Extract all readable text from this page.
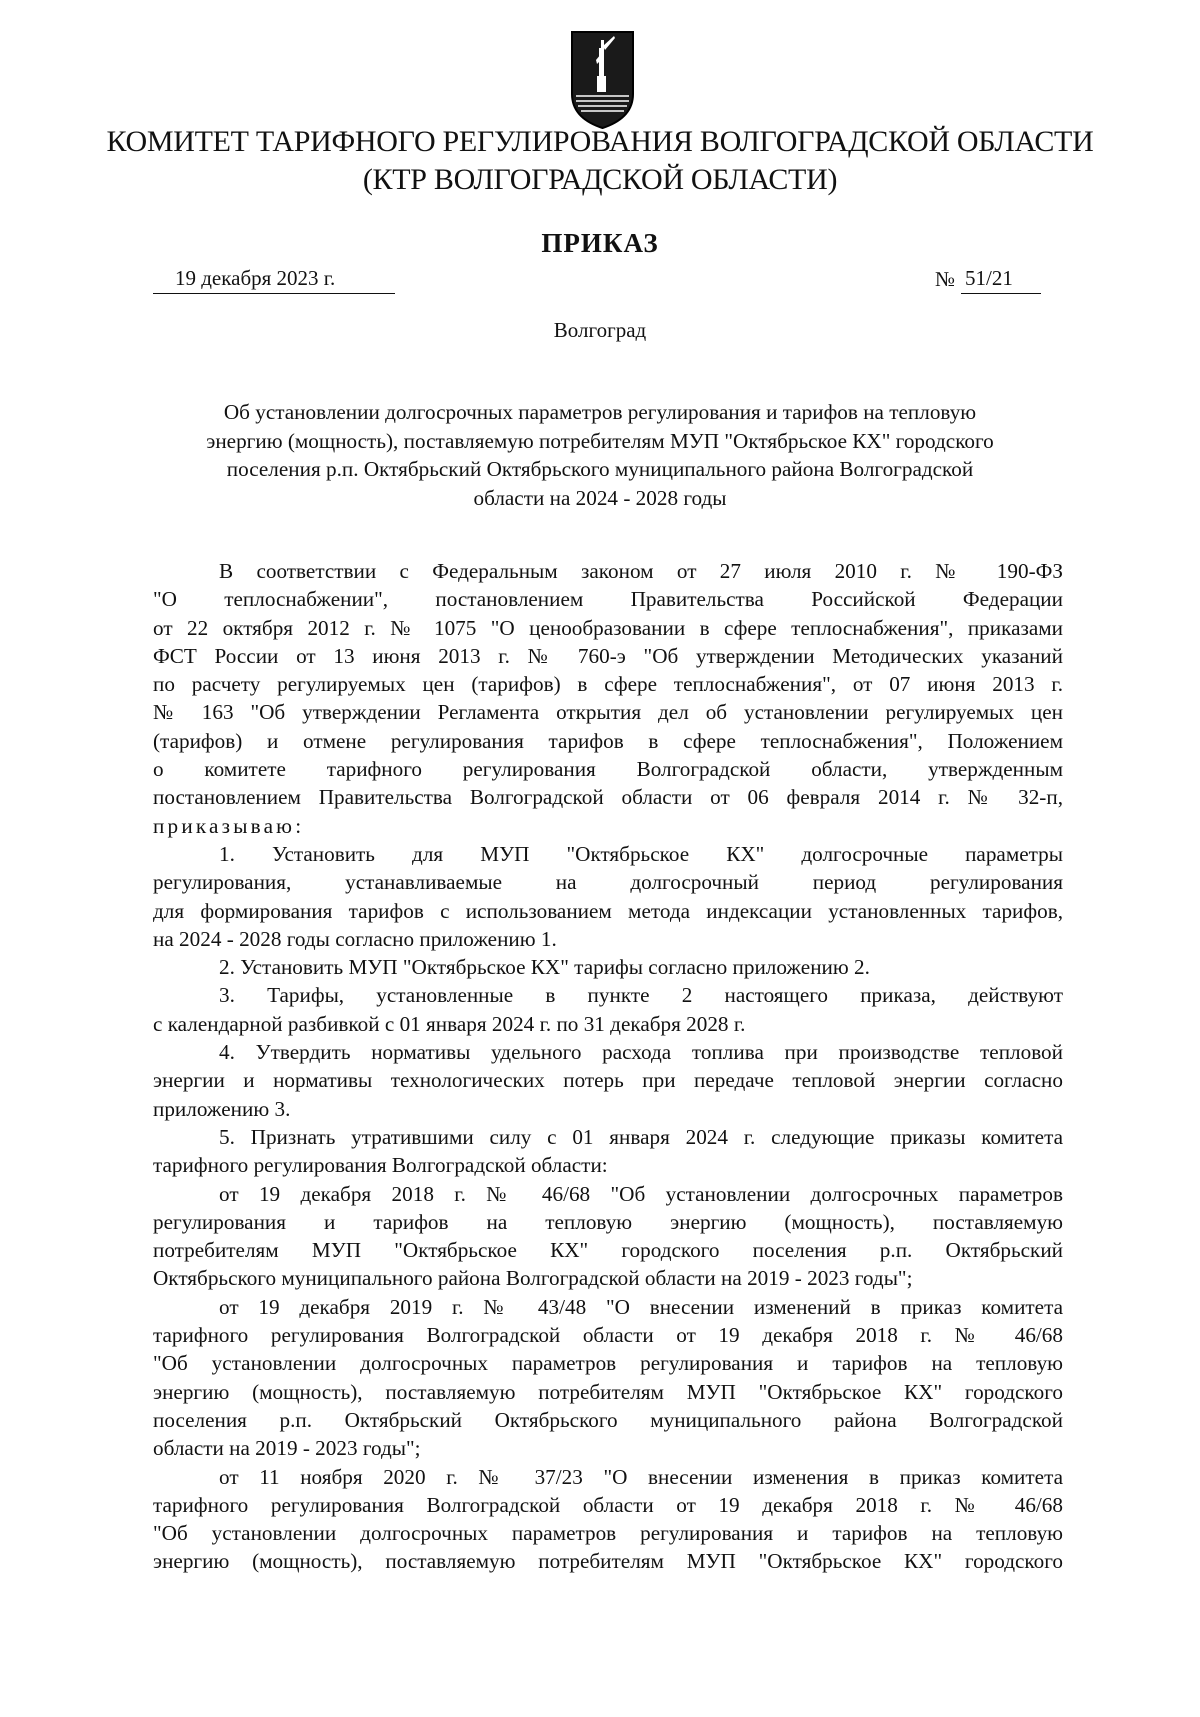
КОМИТЕТ ТАРИФНОГО РЕГУЛИРОВАНИЯ ВОЛГОГРАДСКОЙ ОБЛАСТИ
(КТР ВОЛГОГРАДСКОЙ ОБЛАСТИ)
ПРИКАЗ
19 декабря 2023 г.	№ 51/21
Волгоград
Об установлении долгосрочных параметров регулирования и тарифов на тепловую
энергию (мощность), поставляемую потребителям МУП "Октябрьское КХ" городского
поселения р.п. Октябрьский Октябрьского муниципального района Волгоградской
области на 2024 - 2028 годы
В соответствии с Федеральным законом от 27 июля 2010 г. № 190-ФЗ
"О теплоснабжении", постановлением Правительства Российской Федерации
от 22 октября 2012 г. № 1075 "О ценообразовании в сфере теплоснабжения", приказами
ФСТ России от 13 июня 2013 г. № 760-э "Об утверждении Методических указаний
по расчету регулируемых цен (тарифов) в сфере теплоснабжения", от 07 июня 2013 г.
№ 163 "Об утверждении Регламента открытия дел об установлении регулируемых цен
(тарифов) и отмене регулирования тарифов в сфере теплоснабжения", Положением
о комитете тарифного регулирования Волгоградской области, утвержденным
постановлением Правительства Волгоградской области от 06 февраля 2014 г. № 32-п,
приказываю:
1. Установить для МУП "Октябрьское КХ" долгосрочные параметры
регулирования, устанавливаемые на долгосрочный период регулирования
для формирования тарифов с использованием метода индексации установленных тарифов,
на 2024 - 2028 годы согласно приложению 1.
2. Установить МУП "Октябрьское КХ" тарифы согласно приложению 2.
3. Тарифы, установленные в пункте 2 настоящего приказа, действуют
с календарной разбивкой с 01 января 2024 г. по 31 декабря 2028 г.
4. Утвердить нормативы удельного расхода топлива при производстве тепловой
энергии и нормативы технологических потерь при передаче тепловой энергии согласно
приложению 3.
5. Признать утратившими силу с 01 января 2024 г. следующие приказы комитета
тарифного регулирования Волгоградской области:
от 19 декабря 2018 г. № 46/68 "Об установлении долгосрочных параметров
регулирования и тарифов на тепловую энергию (мощность), поставляемую
потребителям МУП "Октябрьское КХ" городского поселения р.п. Октябрьский
Октябрьского муниципального района Волгоградской области на 2019 - 2023 годы";
от 19 декабря 2019 г. № 43/48 "О внесении изменений в приказ комитета
тарифного регулирования Волгоградской области от 19 декабря 2018 г. № 46/68
"Об установлении долгосрочных параметров регулирования и тарифов на тепловую
энергию (мощность), поставляемую потребителям МУП "Октябрьское КХ" городского
поселения р.п. Октябрьский Октябрьского муниципального района Волгоградской
области на 2019 - 2023 годы";
от 11 ноября 2020 г. № 37/23 "О внесении изменения в приказ комитета
тарифного регулирования Волгоградской области от 19 декабря 2018 г. № 46/68
"Об установлении долгосрочных параметров регулирования и тарифов на тепловую
энергию (мощность), поставляемую потребителям МУП "Октябрьское КХ" городского
